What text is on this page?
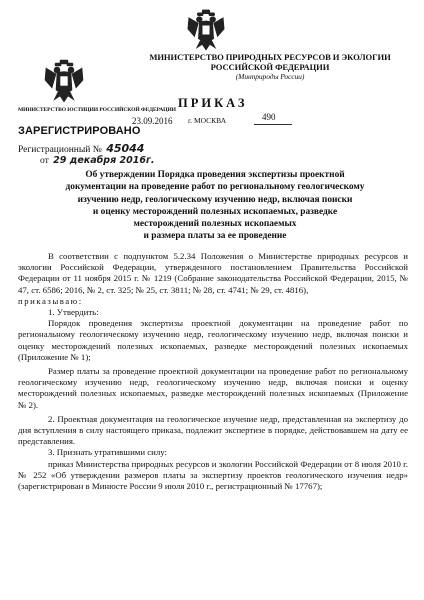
МИНИСТЕРСТВО ПРИРОДНЫХ РЕСУРСОВ И ЭКОЛОГИИ
РОССИЙСКОЙ ФЕДЕРАЦИИ
(Минприроды России)
МИНИСТЕРСТВО ЮСТИЦИИ РОССИЙСКОЙ ФЕДЕРАЦИИ
ЗАРЕГИСТРИРОВАНО
Регистрационный № 45044
от 29 декабря 2016г.
ПРИКАЗ
23.09.2016 г. МОСКВА	490
Об утверждении Порядка проведения экспертизы проектной
документации на проведение работ по региональному геологическому
изучению недр, геологическому изучению недр, включая поиски
и оценку месторождений полезных ископаемых, разведке
месторождений полезных ископаемых
и размера платы за ее проведение

В соответствии с подпунктом 5.2.34 Положения о Министерстве природных ресурсов и экологии Российской Федерации, утвержденного постановлением Правительства Российской Федерации от 11 ноября 2015 г. № 1219 (Собрание законодательства Российской Федерации, 2015, № 47, ст. 6586; 2016, № 2, ст. 325; № 25, ст. 3811; № 28, ст. 4741; № 29, ст. 4816),

приказываю:

1. Утвердить:

Порядок проведения экспертизы проектной документации на проведение работ по региональному геологическому изучению недр, геологическому изучению недр, включая поиски и оценку месторождений полезных ископаемых, разведке месторождений полезных ископаемых (Приложение № 1);

Размер платы за проведение проектной документации на проведение работ по региональному геологическому изучению недр, геологическому изучению недр, включая поиски и оценку месторождений полезных ископаемых, разведке месторождений полезных ископаемых (Приложение № 2).

2. Проектная документация на геологическое изучение недр, представленная на экспертизу до дня вступления в силу настоящего приказа, подлежит экспертизе в порядке, действовавшем на дату ее представления.

3. Признать утратившими силу:

приказ Министерства природных ресурсов и экологии Российской Федерации от 8 июля 2010 г. № 252 «Об утверждении размеров платы за экспертизу проектов геологического изучения недр» (зарегистрирован в Минюсте России 9 июля 2010 г., регистрационный № 17767);
